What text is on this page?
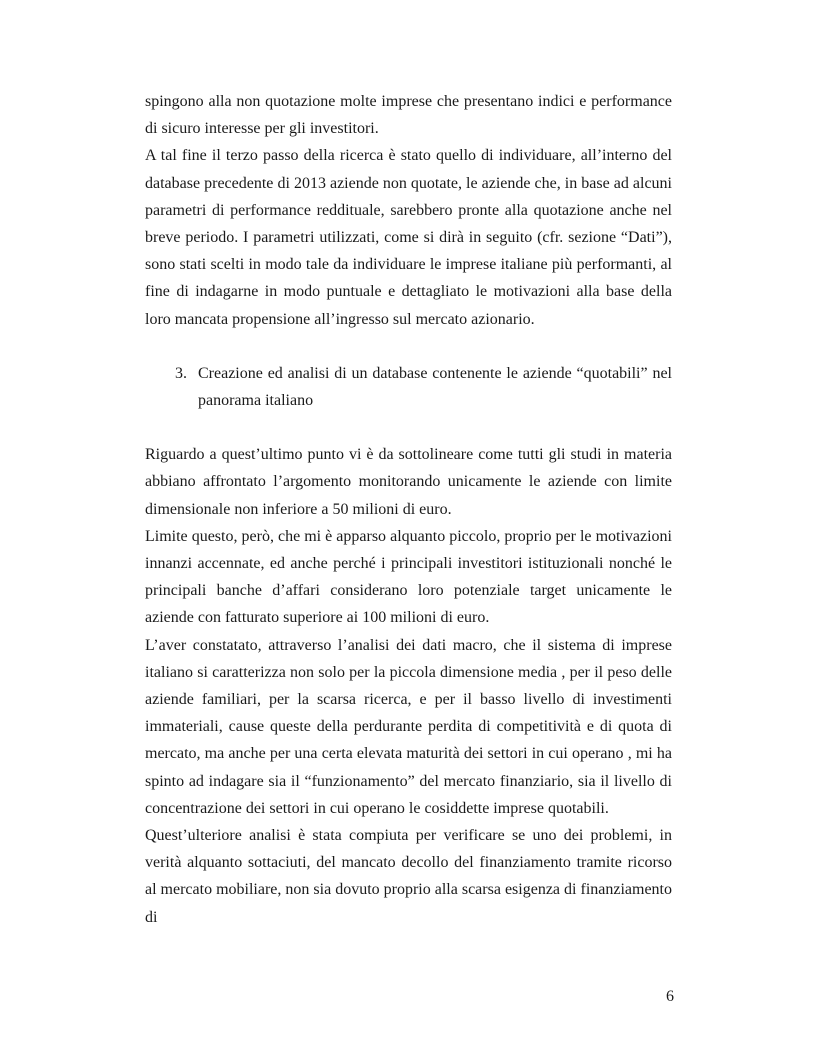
spingono alla non quotazione molte imprese che presentano indici e performance di sicuro interesse per gli investitori.

A tal fine il terzo passo della ricerca è stato quello di individuare, all’interno del database precedente di 2013 aziende non quotate, le aziende che, in base ad alcuni parametri di performance reddituale, sarebbero pronte alla quotazione anche nel breve periodo. I parametri utilizzati, come si dirà in seguito (cfr. sezione “Dati”), sono stati scelti in modo tale da individuare le imprese italiane più performanti, al fine di indagarne in modo puntuale e dettagliato le motivazioni alla base della loro mancata propensione all’ingresso sul mercato azionario.

3. Creazione ed analisi di un database contenente le aziende “quotabili” nel panorama italiano

Riguardo a quest’ultimo punto vi è da sottolineare come tutti gli studi in materia abbiano affrontato l’argomento monitorando unicamente le aziende con limite dimensionale non inferiore a 50 milioni di euro.

Limite questo, però, che mi è apparso alquanto piccolo, proprio per le motivazioni innanzi accennate, ed anche perché i principali investitori istituzionali nonché le principali banche d’affari considerano loro potenziale target unicamente le aziende con fatturato superiore ai 100 milioni di euro.

L’aver constatato, attraverso l’analisi dei dati macro, che il sistema di imprese italiano si caratterizza non solo per la piccola dimensione media , per il peso delle aziende familiari, per la scarsa ricerca, e per il basso livello di investimenti immateriali, cause queste della perdurante perdita di competitività e di quota di mercato, ma anche per una certa elevata maturità dei settori in cui operano , mi ha spinto ad indagare sia il “funzionamento” del mercato finanziario, sia il livello di concentrazione dei settori in cui operano le cosiddette imprese quotabili.

Quest’ulteriore analisi è stata compiuta per verificare se uno dei problemi, in verità alquanto sottaciuti, del mancato decollo del finanziamento tramite ricorso al mercato mobiliare, non sia dovuto proprio alla scarsa esigenza di finanziamento di

6
